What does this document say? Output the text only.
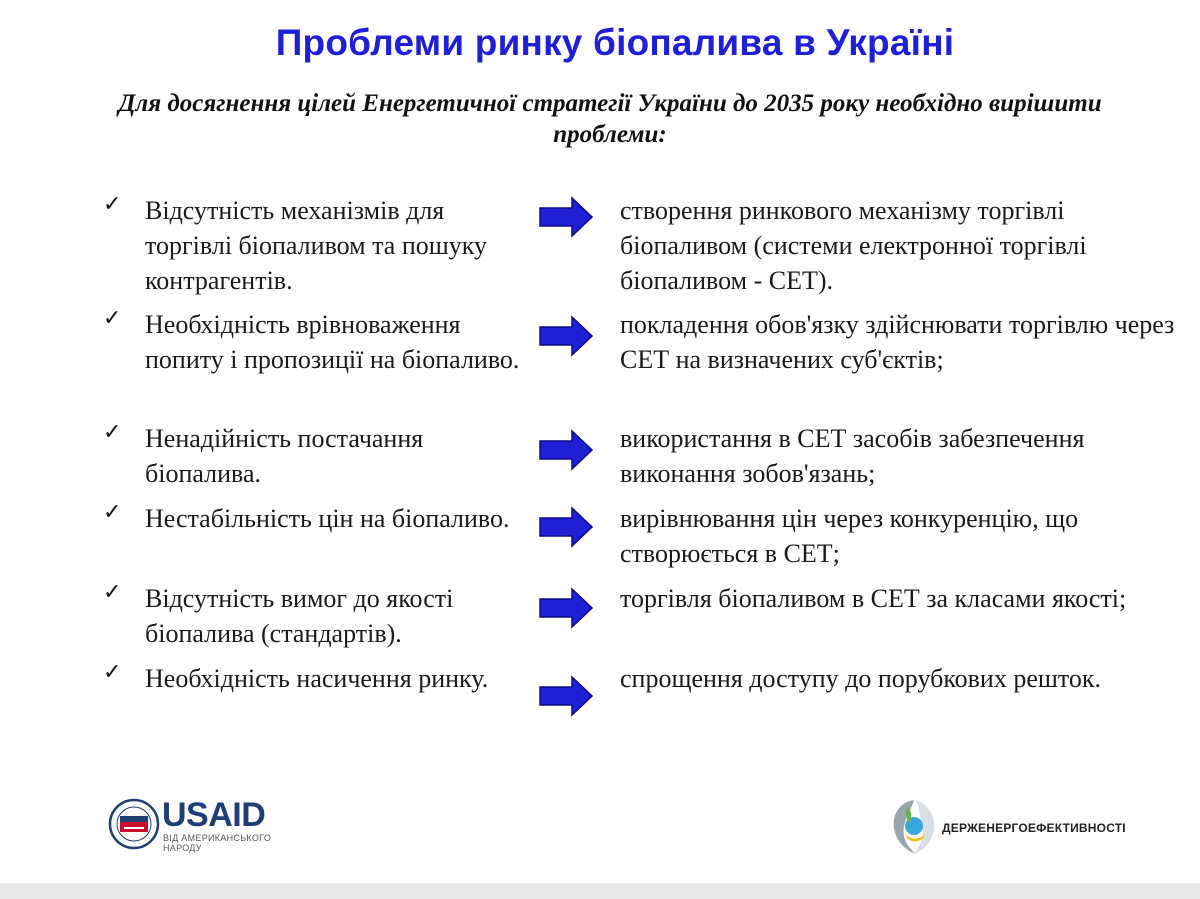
Проблеми ринку біопалива в Україні
Для досягнення цілей Енергетичної стратегії України до 2035 року необхідно вирішити проблеми:
✓ Відсутність механізмів для торгівлі біопаливом та пошуку контрагентів.
створення ринкового механізму торгівлі біопаливом (системи електронної торгівлі біопаливом - СЕТ).
✓ Необхідність врівноваження попиту і пропозиції на біопаливо.
покладення обов'язку здійснювати торгівлю через СЕТ на визначених суб'єктів;
✓ Ненадійність постачання біопалива.
використання в СЕТ засобів забезпечення виконання зобов'язань;
✓ Нестабільність цін на біопаливо.	вирівнювання цін через конкуренцію, що створюється в СЕТ;
✓ Відсутність вимог до якості біопалива (стандартів).
торгівля біопаливом в СЕТ за класами якості;
✓ Необхідність насичення ринку.	спрощення доступу до порубкових решток.
USAID
ВІД АМЕРИКАНСЬКОГО НАРОДУ
ДЕРЖЕНЕРГОЕФЕКТИВНОСТІ
